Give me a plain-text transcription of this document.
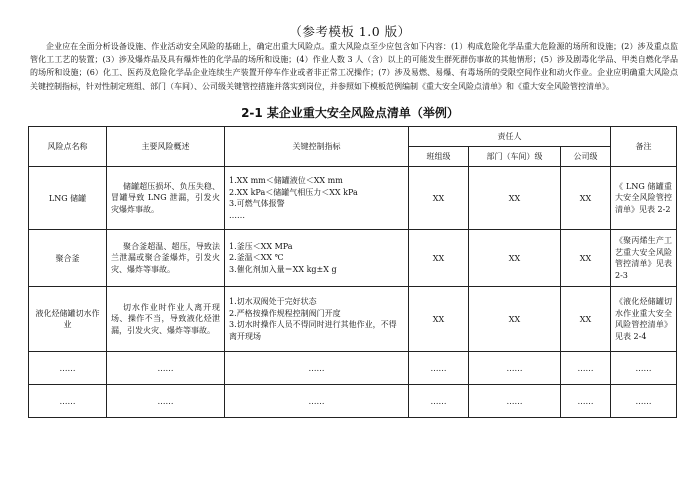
（参考模板 1.0 版）
企业应在全面分析设备设施、作业活动安全风险的基础上，确定出重大风险点。重大风险点至少应包含如下内容：(1）构成危险化学品重大危险源的场所和设施；(2）涉及重点监管化工工艺的装置；(3）涉及爆炸品及具有爆炸性的化学品的场所和设施；(4）作业人数 3 人（含）以上的可能发生群死群伤事故的其他情形；(5）涉及剧毒化学品、甲类自燃化学品的场所和设施；(6）化工、医药及危险化学品企业连续生产装置开停车作业或者非正常工况操作；(7）涉及易燃、易爆、有毒场所的受限空间作业和动火作业。企业应明确重大风险点关键控制指标，针对性制定班组、部门（车间）、公司级关键管控措施并落实到岗位，并参照如下模板范例编制《重大安全风险点清单》和《重大安全风险管控清单》。
2-1 某企业重大安全风险点清单（举例）
风险点名称	主要风险概述	关键控制指标	责任人			备注
			班组级	部门（车间）级	公司级	
LNG 储罐	储罐超压损坏、负压失稳、冒罐导致 LNG 泄漏，引发火灾爆炸事故。	1.XX mm＜储罐液位＜XX mm
2.XX kPa＜储罐气相压力＜XX kPa
3.可燃气体报警
……	XX	XX	XX	《 LNG 储罐重大安全风险管控清单》见表 2-2
聚合釜	聚合釜超温、超压，导致法兰泄漏或聚合釜爆炸，引发火灾、爆炸等事故。	1.釜压＜XX MPa
2.釜温＜XX ℃
3.催化剂加入量＝XX kg±X g	XX	XX	XX	《聚丙烯生产工艺重大安全风险管控清单》见表 2-3
液化烃储罐切水作业	切水作业时作业人离开现场、操作不当，导致液化烃泄漏，引发火灾、爆炸等事故。	1.切水双阀处于完好状态
2.严格按操作规程控制阀门开度
3.切水时操作人员不得同时进行其他作业，不得离开现场	XX	XX	XX	《液化烃储罐切水作业重大安全风险管控清单》见表 2-4
……	……	……	……	……	……	……
……	……	……	……	……	……	……
